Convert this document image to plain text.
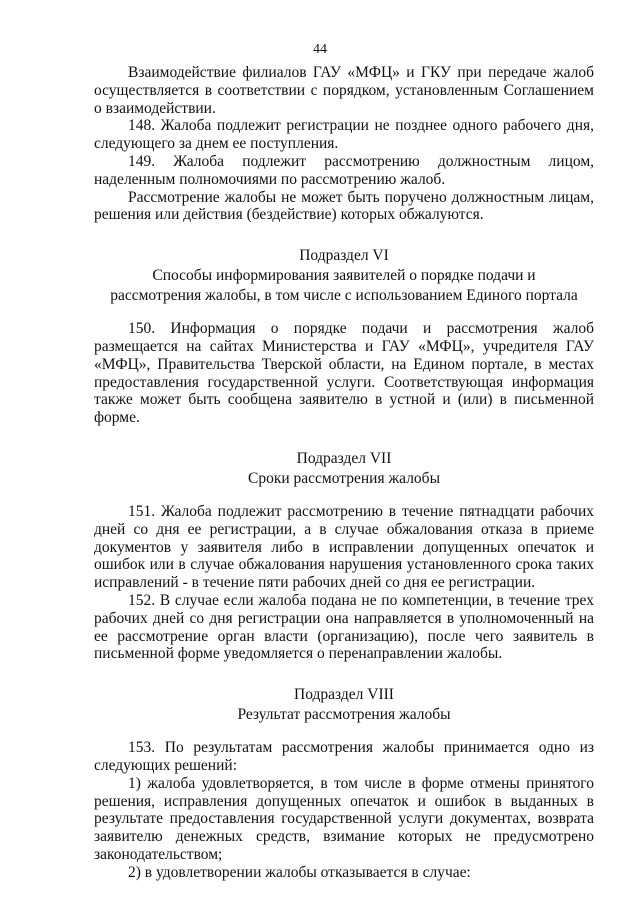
44

Взаимодействие филиалов ГАУ «МФЦ» и ГКУ при передаче жалоб осуществляется в соответствии с порядком, установленным Соглашением о взаимодействии.

148. Жалоба подлежит регистрации не позднее одного рабочего дня, следующего за днем ее поступления.

149. Жалоба подлежит рассмотрению должностным лицом, наделенным полномочиями по рассмотрению жалоб.

Рассмотрение жалобы не может быть поручено должностным лицам, решения или действия (бездействие) которых обжалуются.

Подраздел VI

Способы информирования заявителей о порядке подачи и

рассмотрения жалобы, в том числе с использованием Единого портала

150. Информация о порядке подачи и рассмотрения жалоб размещается на сайтах Министерства и ГАУ «МФЦ», учредителя ГАУ «МФЦ», Правительства Тверской области, на Едином портале, в местах предоставления государственной услуги. Соответствующая информация также может быть сообщена заявителю в устной и (или) в письменной форме.

Подраздел VII

Сроки рассмотрения жалобы

151. Жалоба подлежит рассмотрению в течение пятнадцати рабочих дней со дня ее регистрации, а в случае обжалования отказа в приеме документов у заявителя либо в исправлении допущенных опечаток и ошибок или в случае обжалования нарушения установленного срока таких исправлений - в течение пяти рабочих дней со дня ее регистрации.

152. В случае если жалоба подана не по компетенции, в течение трех рабочих дней со дня регистрации она направляется в уполномоченный на ее рассмотрение орган власти (организацию), после чего заявитель в письменной форме уведомляется о перенаправлении жалобы.

Подраздел VIII

Результат рассмотрения жалобы

153. По результатам рассмотрения жалобы принимается одно из следующих решений:

1) жалоба удовлетворяется, в том числе в форме отмены принятого решения, исправления допущенных опечаток и ошибок в выданных в результате предоставления государственной услуги документах, возврата заявителю денежных средств, взимание которых не предусмотрено законодательством;

2) в удовлетворении жалобы отказывается в случае:
